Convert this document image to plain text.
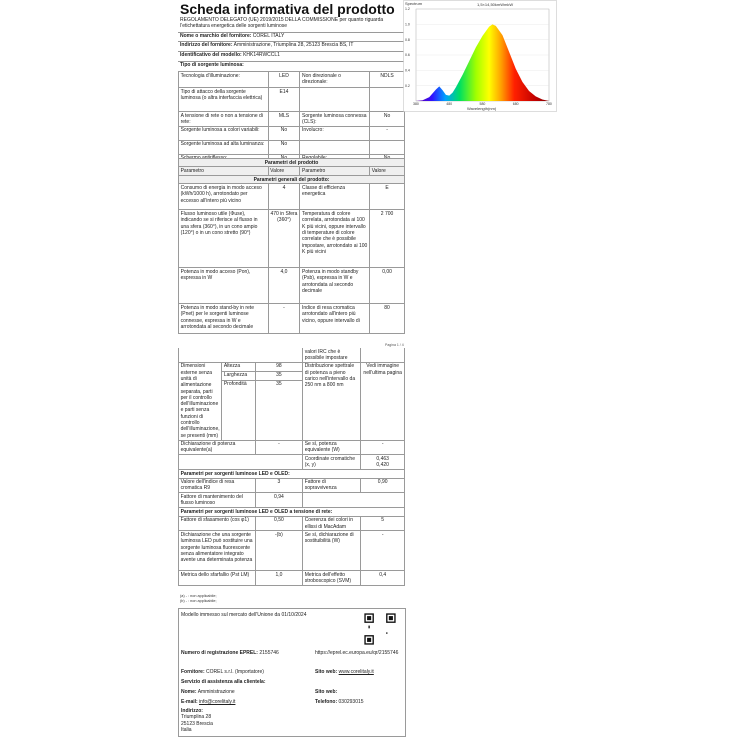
Scheda informativa del prodotto
REGOLAMENTO DELEGATO (UE) 2019/2015 DELLA COMMISSIONE per quanto riguarda l’etichettatura energetica delle sorgenti luminose
Nome o marchio del fornitore: COREL ITALY
Indirizzo del fornitore: Amministrazione, Triumplina 28, 25123 Brescia BS, IT
Identificativo del modello: KHK14RWCCL1
Tipo di sorgente luminosa:
Tecnologia d'illuminazione:	LED	Non direzionale o direzionale:	NDLS
Tipo di attacco della sorgente luminosa (o altra interfaccia elettrica)	E14		
A tensione di rete o non a tensione di rete:	MLS	Sorgente luminosa connessa (CLS):	No
Sorgente luminosa a colori variabili:	No	Involucro:	-
Sorgente luminosa ad alta luminanza:	No		

Parametri del prodotto			
Parametro	Valore	Parametro	Valore
Parametri generali del prodotto:			
Consumo di energia in modo acceso (kWh/1000 h), arrotondato per eccesso all'intero più vicino	4	Classe di efficienza energetica	E
Flusso luminoso utile (Φuse), indicando se si riferisce al flusso in una sfera (360°), in un cono ampio (120°) o in un cono stretto (90°)	470 in Sfera (360°)	Temperatura di colore correlata, arrotondata ai 100 K più vicini, oppure intervallo di temperature di colore correlate che è possibile impostare, arrotondato ai 100 K più vicini	2 700
Potenza in modo acceso (Pon), espressa in W	4,0	Potenza in modo standby (Psb), espressa in W e arrotondata al secondo decimale	0,00
Potenza in modo stand-by in rete (Pnet) per le sorgenti luminose connesse, espressa in W e arrotondata al secondo decimale	-	Indice di resa cromatica arrotondato all'intero più vicino, oppure intervallo di	80
Spectrum	1,5×14,50kmWmkW
0.2
0.4
0.6
0.8
1.0
1.2
380	480	580	680	780
Wavelength(nm)
Pagina 1 / 4
			valori IRC che è possibile impostare	
Dimensioni esterne senza unità di alimentazione separata, parti per il controllo dell'illuminazione e parti senza funzioni di controllo dell'illuminazione, se presenti (mm)	Altezza	98	Distribuzione spettrale di potenza a pieno carico nell'intervallo da 250 nm a 800 nm	Vedi immagine nell'ultima pagina
	Larghezza	35		
	Profondità	35		
Dichiarazione di potenza equivalente(a)		-	Se sì, potenza equivalente (W)	-
			Coordinate cromatiche (x, y)	0,463
0,420
Parametri per sorgenti luminose LED e OLED:				
Valore dell'indice di resa cromatica R9		3	Fattore di sopravvivenza	0,90
Fattore di mantenimento del flusso luminoso		0,94		
Parametri per sorgenti luminose LED e OLED a tensione di rete:				
Fattore di sfasamento (cos φ1)		0,50	Coerenza dei colori in ellissi di MacAdam	5
Dichiarazione che una sorgente luminosa LED può sostituire una sorgente luminosa fluorescente senza alimentatore integrato avente una determinata potenza		-(b)	Se sì, dichiarazione di sostituibilità (W)	-
Metrica dello sfarfallio (Pst LM)		1,0	Metrica dell'effetto stroboscopico (SVM)	0,4
(a) - : non applicabile;
(b) - : non applicabile;
Modello immesso sul mercato dell'Unione da 01/10/2024
Numero di registrazione EPREL: 2155746	https://eprel.ec.europa.eu/qr/2155746
Fornitore: COREL s.r.l. (Importatore)	Sito web: www.corelitaly.it
Servizio di assistenza alla clientela:
Nome: Amministrazione	Sito web:
E-mail: info@corelitaly.it	Telefono: 030293015
Indirizzo:
Triumplina 28
25123 Brescia
Italia
